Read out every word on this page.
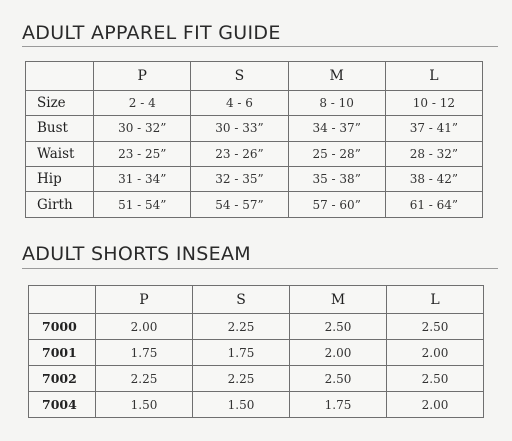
ADULT APPAREL FIT GUIDE
	P	S	M	L
Size	2 - 4	4 - 6	8 - 10	10 - 12
Bust	30 - 32”	30 - 33”	34 - 37”	37 - 41”
Waist	23 - 25”	23 - 26”	25 - 28”	28 - 32”
Hip	31 - 34”	32 - 35”	35 - 38”	38 - 42”
Girth	51 - 54”	54 - 57”	57 - 60”	61 - 64”
ADULT SHORTS INSEAM
	P	S	M	L
7000	2.00	2.25	2.50	2.50
7001	1.75	1.75	2.00	2.00
7002	2.25	2.25	2.50	2.50
7004	1.50	1.50	1.75	2.00
